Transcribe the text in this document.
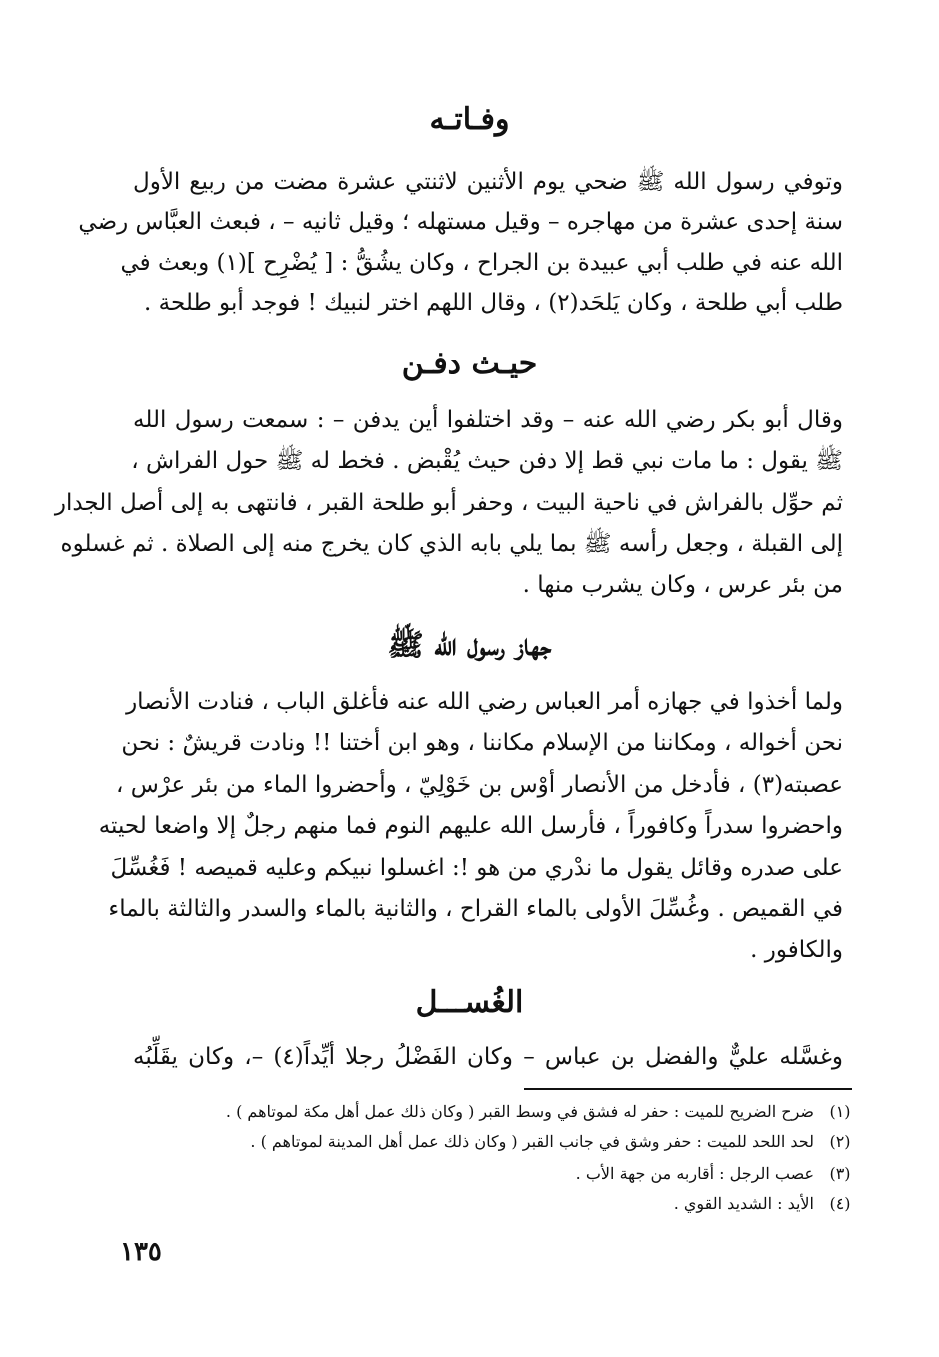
وفـاتـه
وتوفي رسول الله ﷺ ضحي يوم الأثنين لاثنتي عشرة مضت من ربيع الأول
سنة إحدى عشرة من مهاجره – وقيل مستهله ؛ وقيل ثانيه – ، فبعث العبَّاس رضي
الله عنه في طلب أبي عبيدة بن الجراح ، وكان يشُقُّ : [ يُضْرِح ](١) وبعث في
طلب أبي طلحة ، وكان يَلحَد(٢) ، وقال اللهم اختر لنبيك ! فوجد أبو طلحة .
حيـث دفـن
وقال أبو بكر رضي الله عنه – وقد اختلفوا أين يدفن – : سمعت رسول الله
ﷺ يقول : ما مات نبي قط إلا دفن حيث يُقْبض . فخط له ﷺ حول الفراش ،
ثم حوِّل بالفراش في ناحية البيت ، وحفر أبو طلحة القبر ، فانتهى به إلى أصل الجدار
إلى القبلة ، وجعل رأسه ﷺ بما يلي بابه الذي كان يخرج منه إلى الصلاة . ثم غسلوه
من بئر عرس ، وكان يشرب منها .
جهاز رسول الله ﷺ
ولما أخذوا في جهازه أمر العباس رضي الله عنه فأغلق الباب ، فنادت الأنصار
نحن أخواله ، ومكاننا من الإسلام مكاننا ، وهو ابن أختنا !! ونادت قريشٌ : نحن
عصبته(٣) ، فأدخل من الأنصار أوْس بن خَوْلِيّ ، وأحضروا الماء من بئر عرْس ،
واحضروا سدراً وكافوراً ، فأرسل الله عليهم النوم فما منهم رجلٌ إلا واضعا لحيته
على صدره وقائل يقول ما ندْري من هو !: اغسلوا نبيكم وعليه قميصه ! فَغُسِّلَ
في القميص . وغُسِّلَ الأولى بالماء القراح ، والثانية بالماء والسدر والثالثة بالماء
والكافور .
الغُســـل
وغسَّله عليٌّ والفضل بن عباس – وكان الفَضْلُ رجلا أيِّداً(٤) –، وكان يقَلِّبُه
(١)
ضرح الضريح للميت : حفر له فشق في وسط القبر ( وكان ذلك عمل أهل مكة لموتاهم ) .
(٢)
لحد اللحد للميت : حفر وشق في جانب القبر ( وكان ذلك عمل أهل المدينة لموتاهم ) .
(٣)
عصب الرجل : أقاربه من جهة الأب .
(٤)
الأيد : الشديد القوي .
١٣٥
